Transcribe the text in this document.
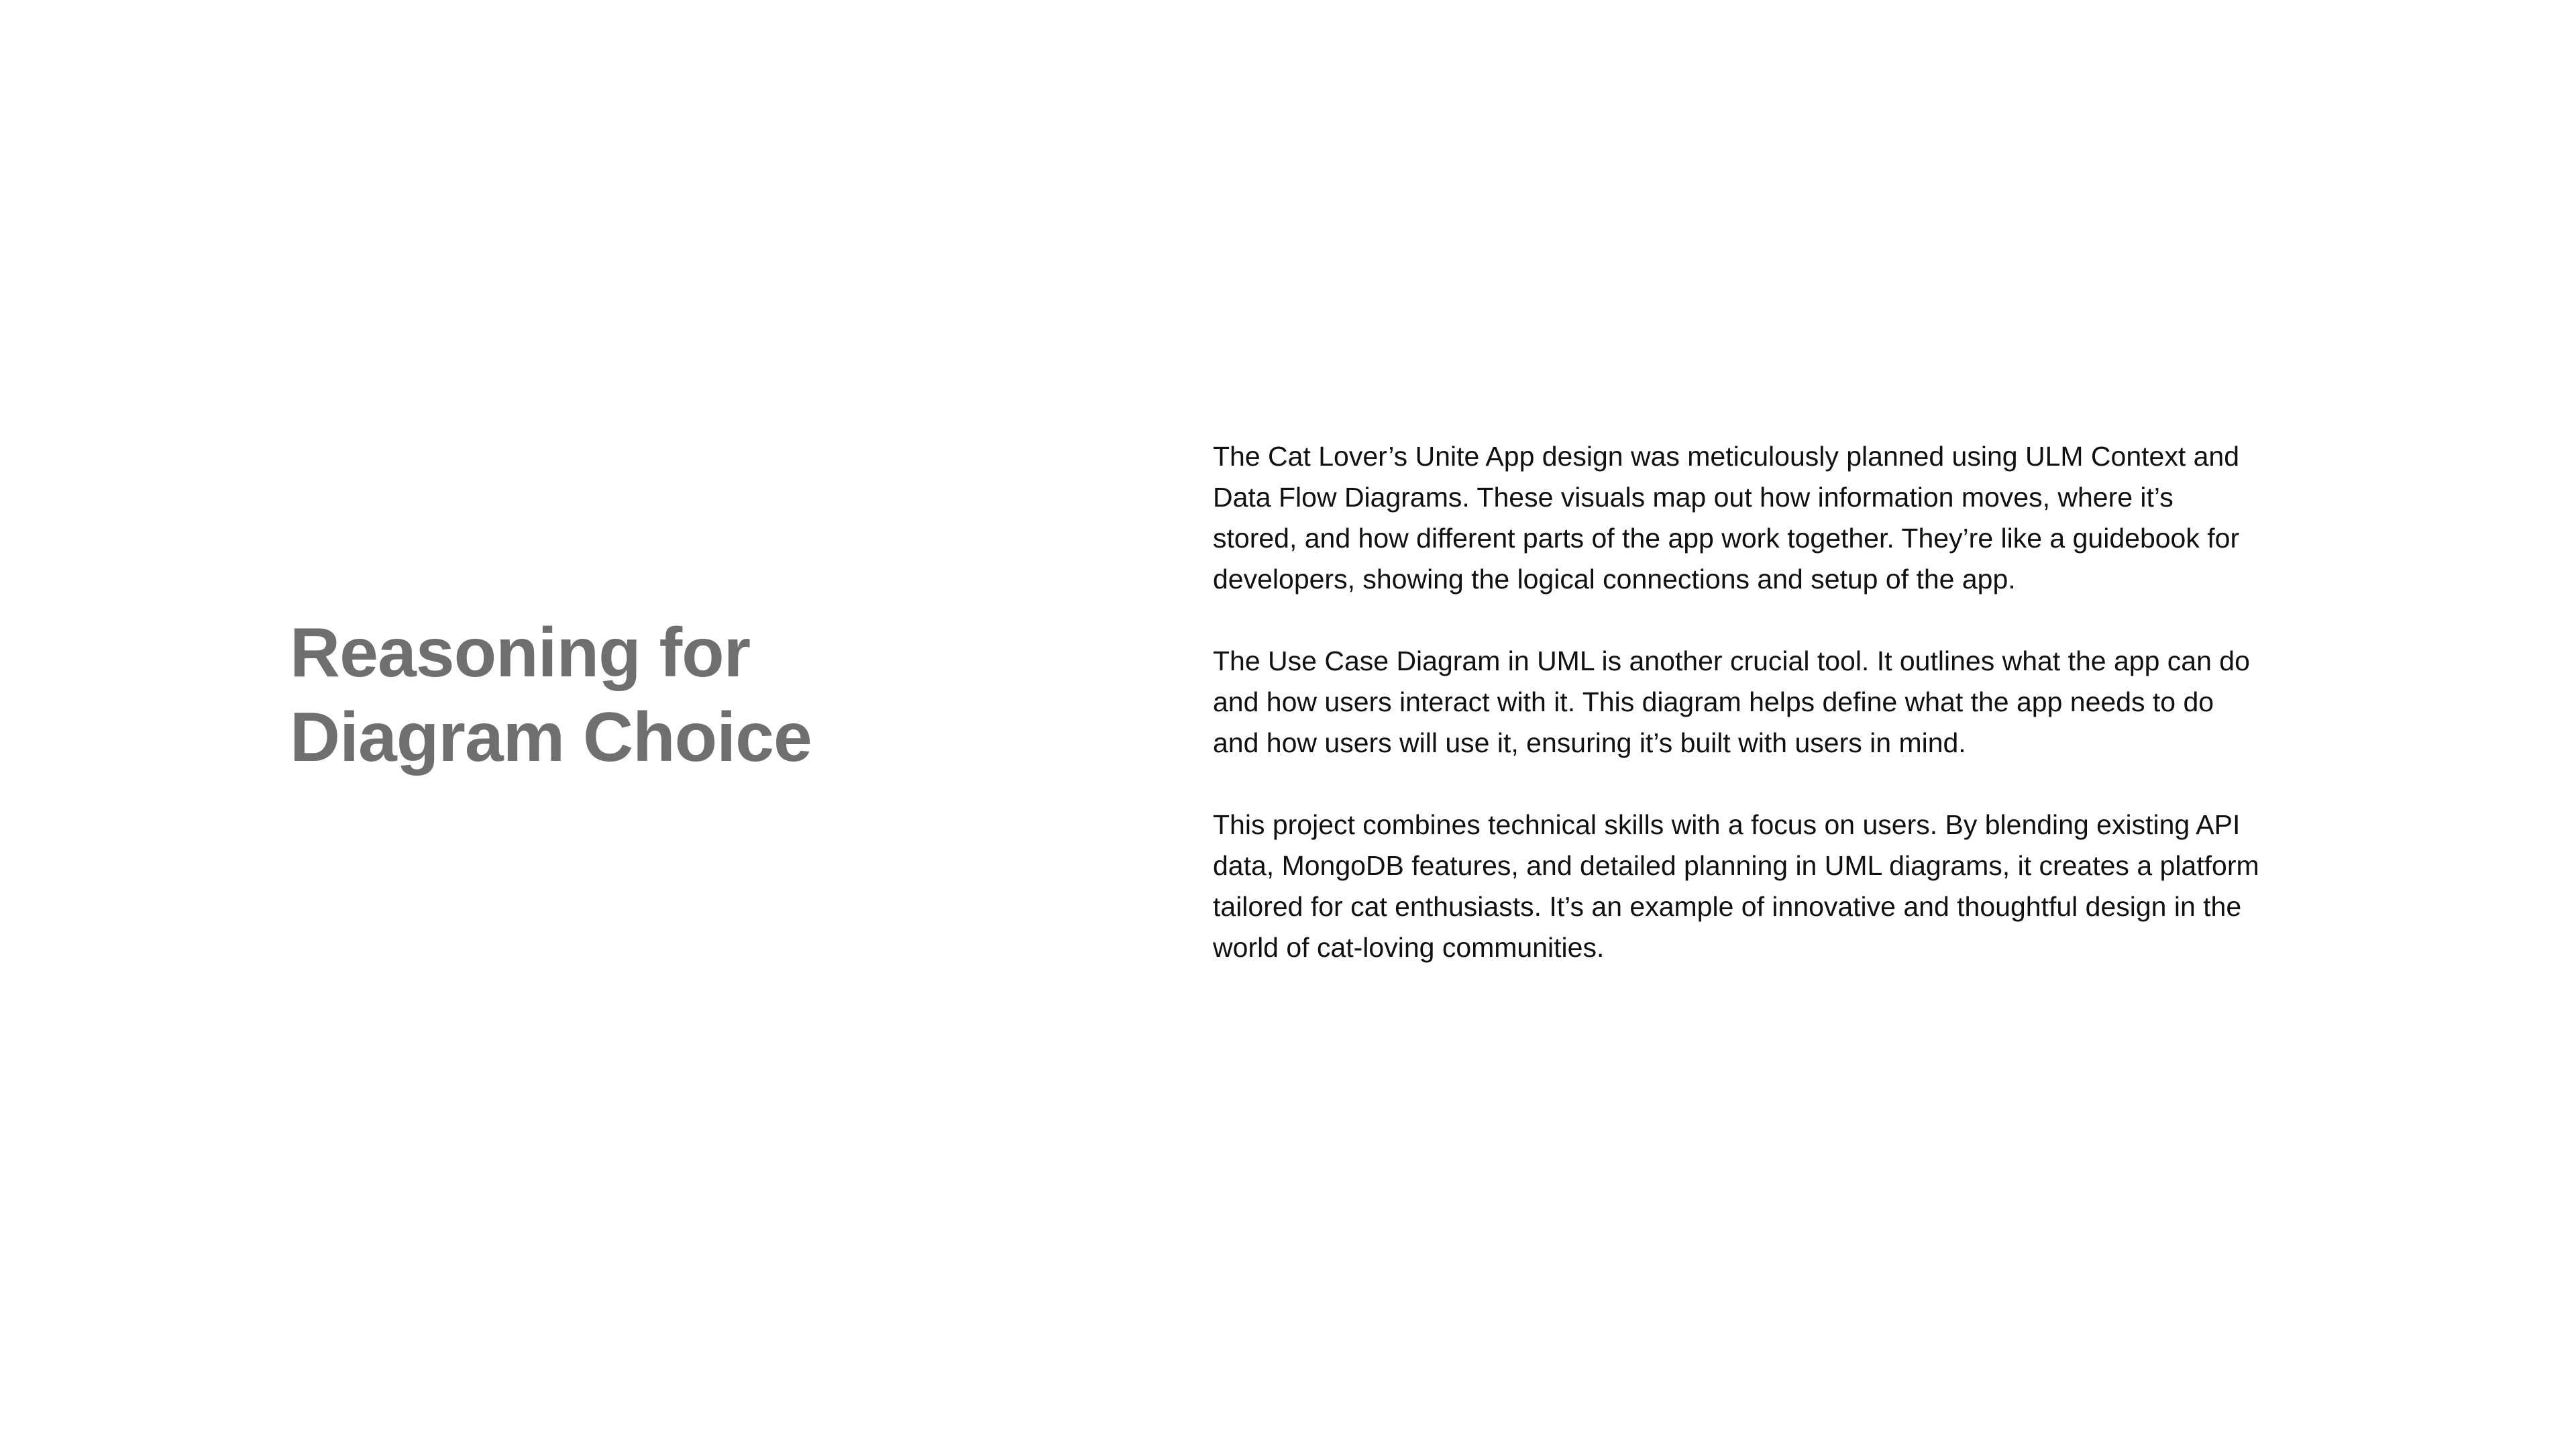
Reasoning for
Diagram Choice

The Cat Lover’s Unite App design was meticulously planned using ULM Context and Data Flow Diagrams. These visuals map out how information moves, where it’s stored, and how different parts of the app work together. They’re like a guidebook for developers, showing the logical connections and setup of the app.

The Use Case Diagram in UML is another crucial tool. It outlines what the app can do and how users interact with it. This diagram helps define what the app needs to do and how users will use it, ensuring it’s built with users in mind.

This project combines technical skills with a focus on users. By blending existing API data, MongoDB features, and detailed planning in UML diagrams, it creates a platform tailored for cat enthusiasts. It’s an example of innovative and thoughtful design in the world of cat-loving communities.
